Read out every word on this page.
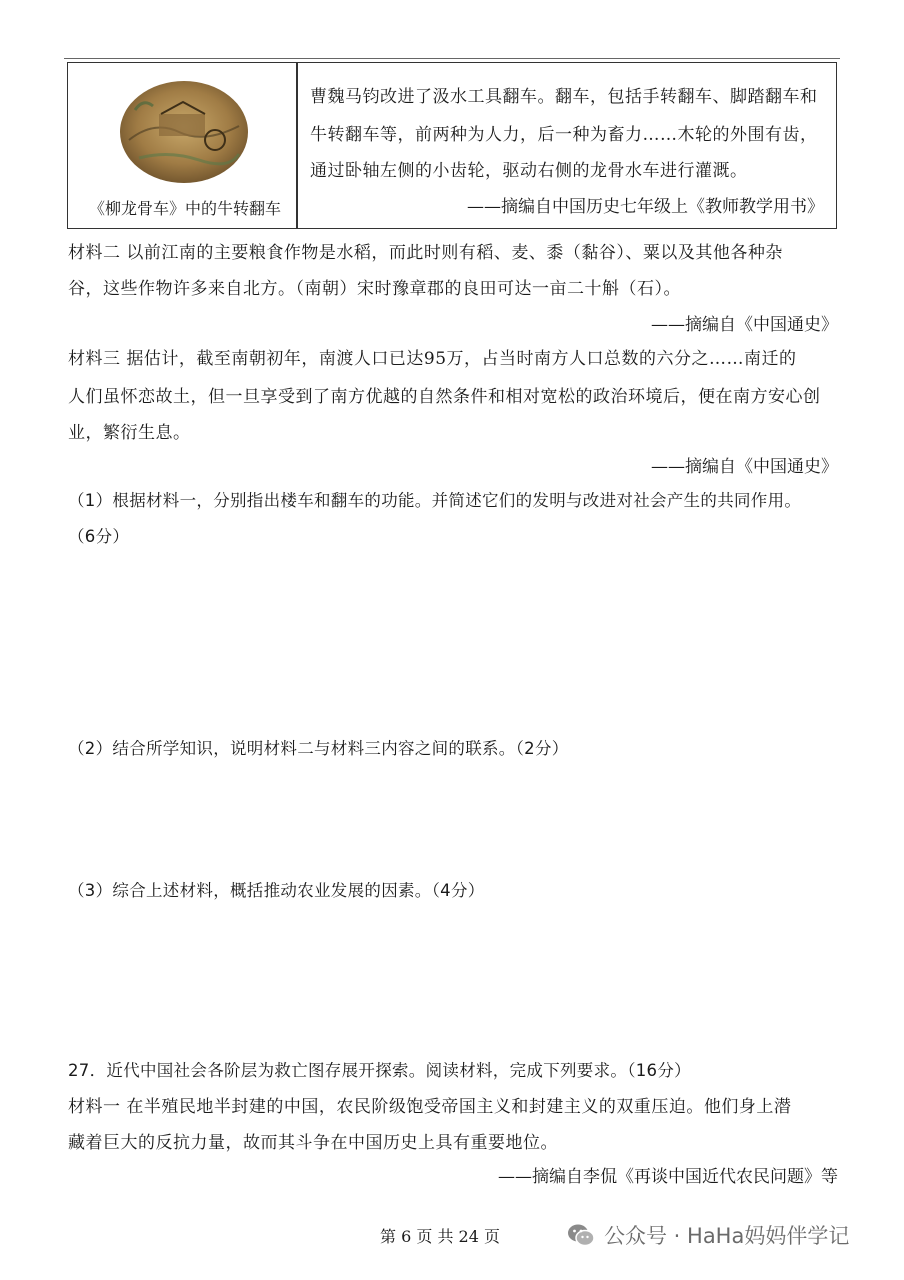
《柳龙骨车》中的牛转翻车
曹魏马钧改进了汲水工具翻车。翻车，包括手转翻车、脚踏翻车和
牛转翻车等，前两种为人力，后一种为畜力……木轮的外围有齿，
通过卧轴左侧的小齿轮，驱动右侧的龙骨水车进行灌溉。
——摘编自中国历史七年级上《教师教学用书》
材料二 以前江南的主要粮食作物是水稻，而此时则有稻、麦、黍（黏谷）、粟以及其他各种杂
谷，这些作物许多来自北方。（南朝）宋时豫章郡的良田可达一亩二十斛（石）。
——摘编自《中国通史》
材料三 据估计，截至南朝初年，南渡人口已达95万，占当时南方人口总数的六分之……南迁的
人们虽怀恋故土，但一旦享受到了南方优越的自然条件和相对宽松的政治环境后，便在南方安心创
业，繁衍生息。
——摘编自《中国通史》
（1）根据材料一，分别指出楼车和翻车的功能。并简述它们的发明与改进对社会产生的共同作用。
（6分）
（2）结合所学知识，说明材料二与材料三内容之间的联系。（2分）
（3）综合上述材料，概括推动农业发展的因素。（4分）
27．近代中国社会各阶层为救亡图存展开探索。阅读材料，完成下列要求。（16分）
材料一 在半殖民地半封建的中国，农民阶级饱受帝国主义和封建主义的双重压迫。他们身上潜
藏着巨大的反抗力量，故而其斗争在中国历史上具有重要地位。
——摘编自李侃《再谈中国近代农民问题》等
第 6 页 共 24 页	公众号 · HaHa妈妈伴学记
